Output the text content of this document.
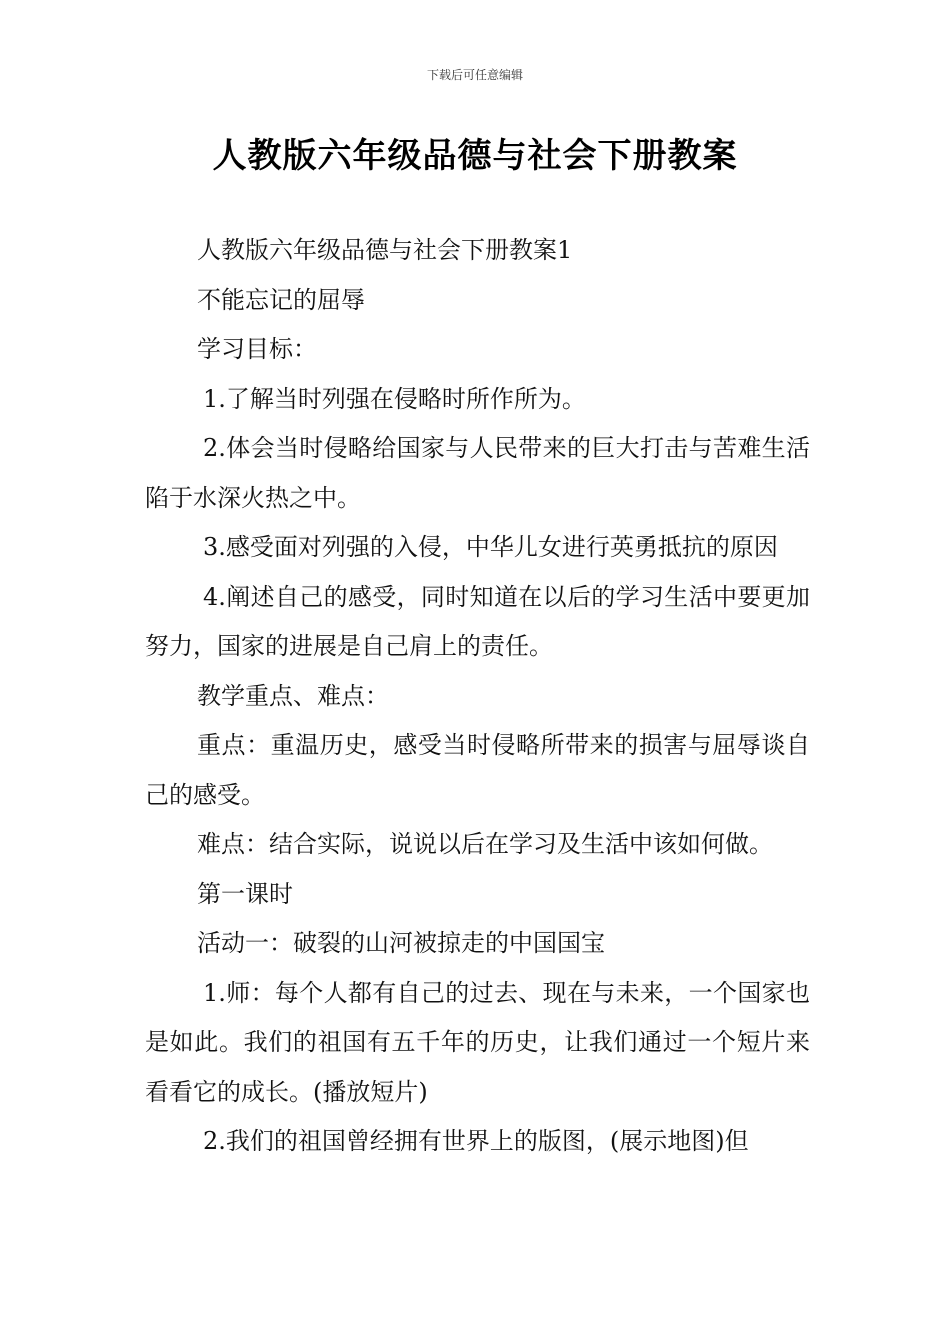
下载后可任意编辑
人教版六年级品德与社会下册教案

人教版六年级品德与社会下册教案1

不能忘记的屈辱

学习目标：

1.了解当时列强在侵略时所作所为。

2.体会当时侵略给国家与人民带来的巨大打击与苦难生活陷于水深火热之中。

3.感受面对列强的入侵，中华儿女进行英勇抵抗的原因

4.阐述自己的感受，同时知道在以后的学习生活中要更加努力，国家的进展是自己肩上的责任。

教学重点、难点：

重点：重温历史，感受当时侵略所带来的损害与屈辱谈自己的感受。

难点：结合实际，说说以后在学习及生活中该如何做。

第一课时

活动一：破裂的山河被掠走的中国国宝

1.师：每个人都有自己的过去、现在与未来，一个国家也是如此。我们的祖国有五千年的历史，让我们通过一个短片来看看它的成长。(播放短片)

2.我们的祖国曾经拥有世界上的版图，(展示地图)但
